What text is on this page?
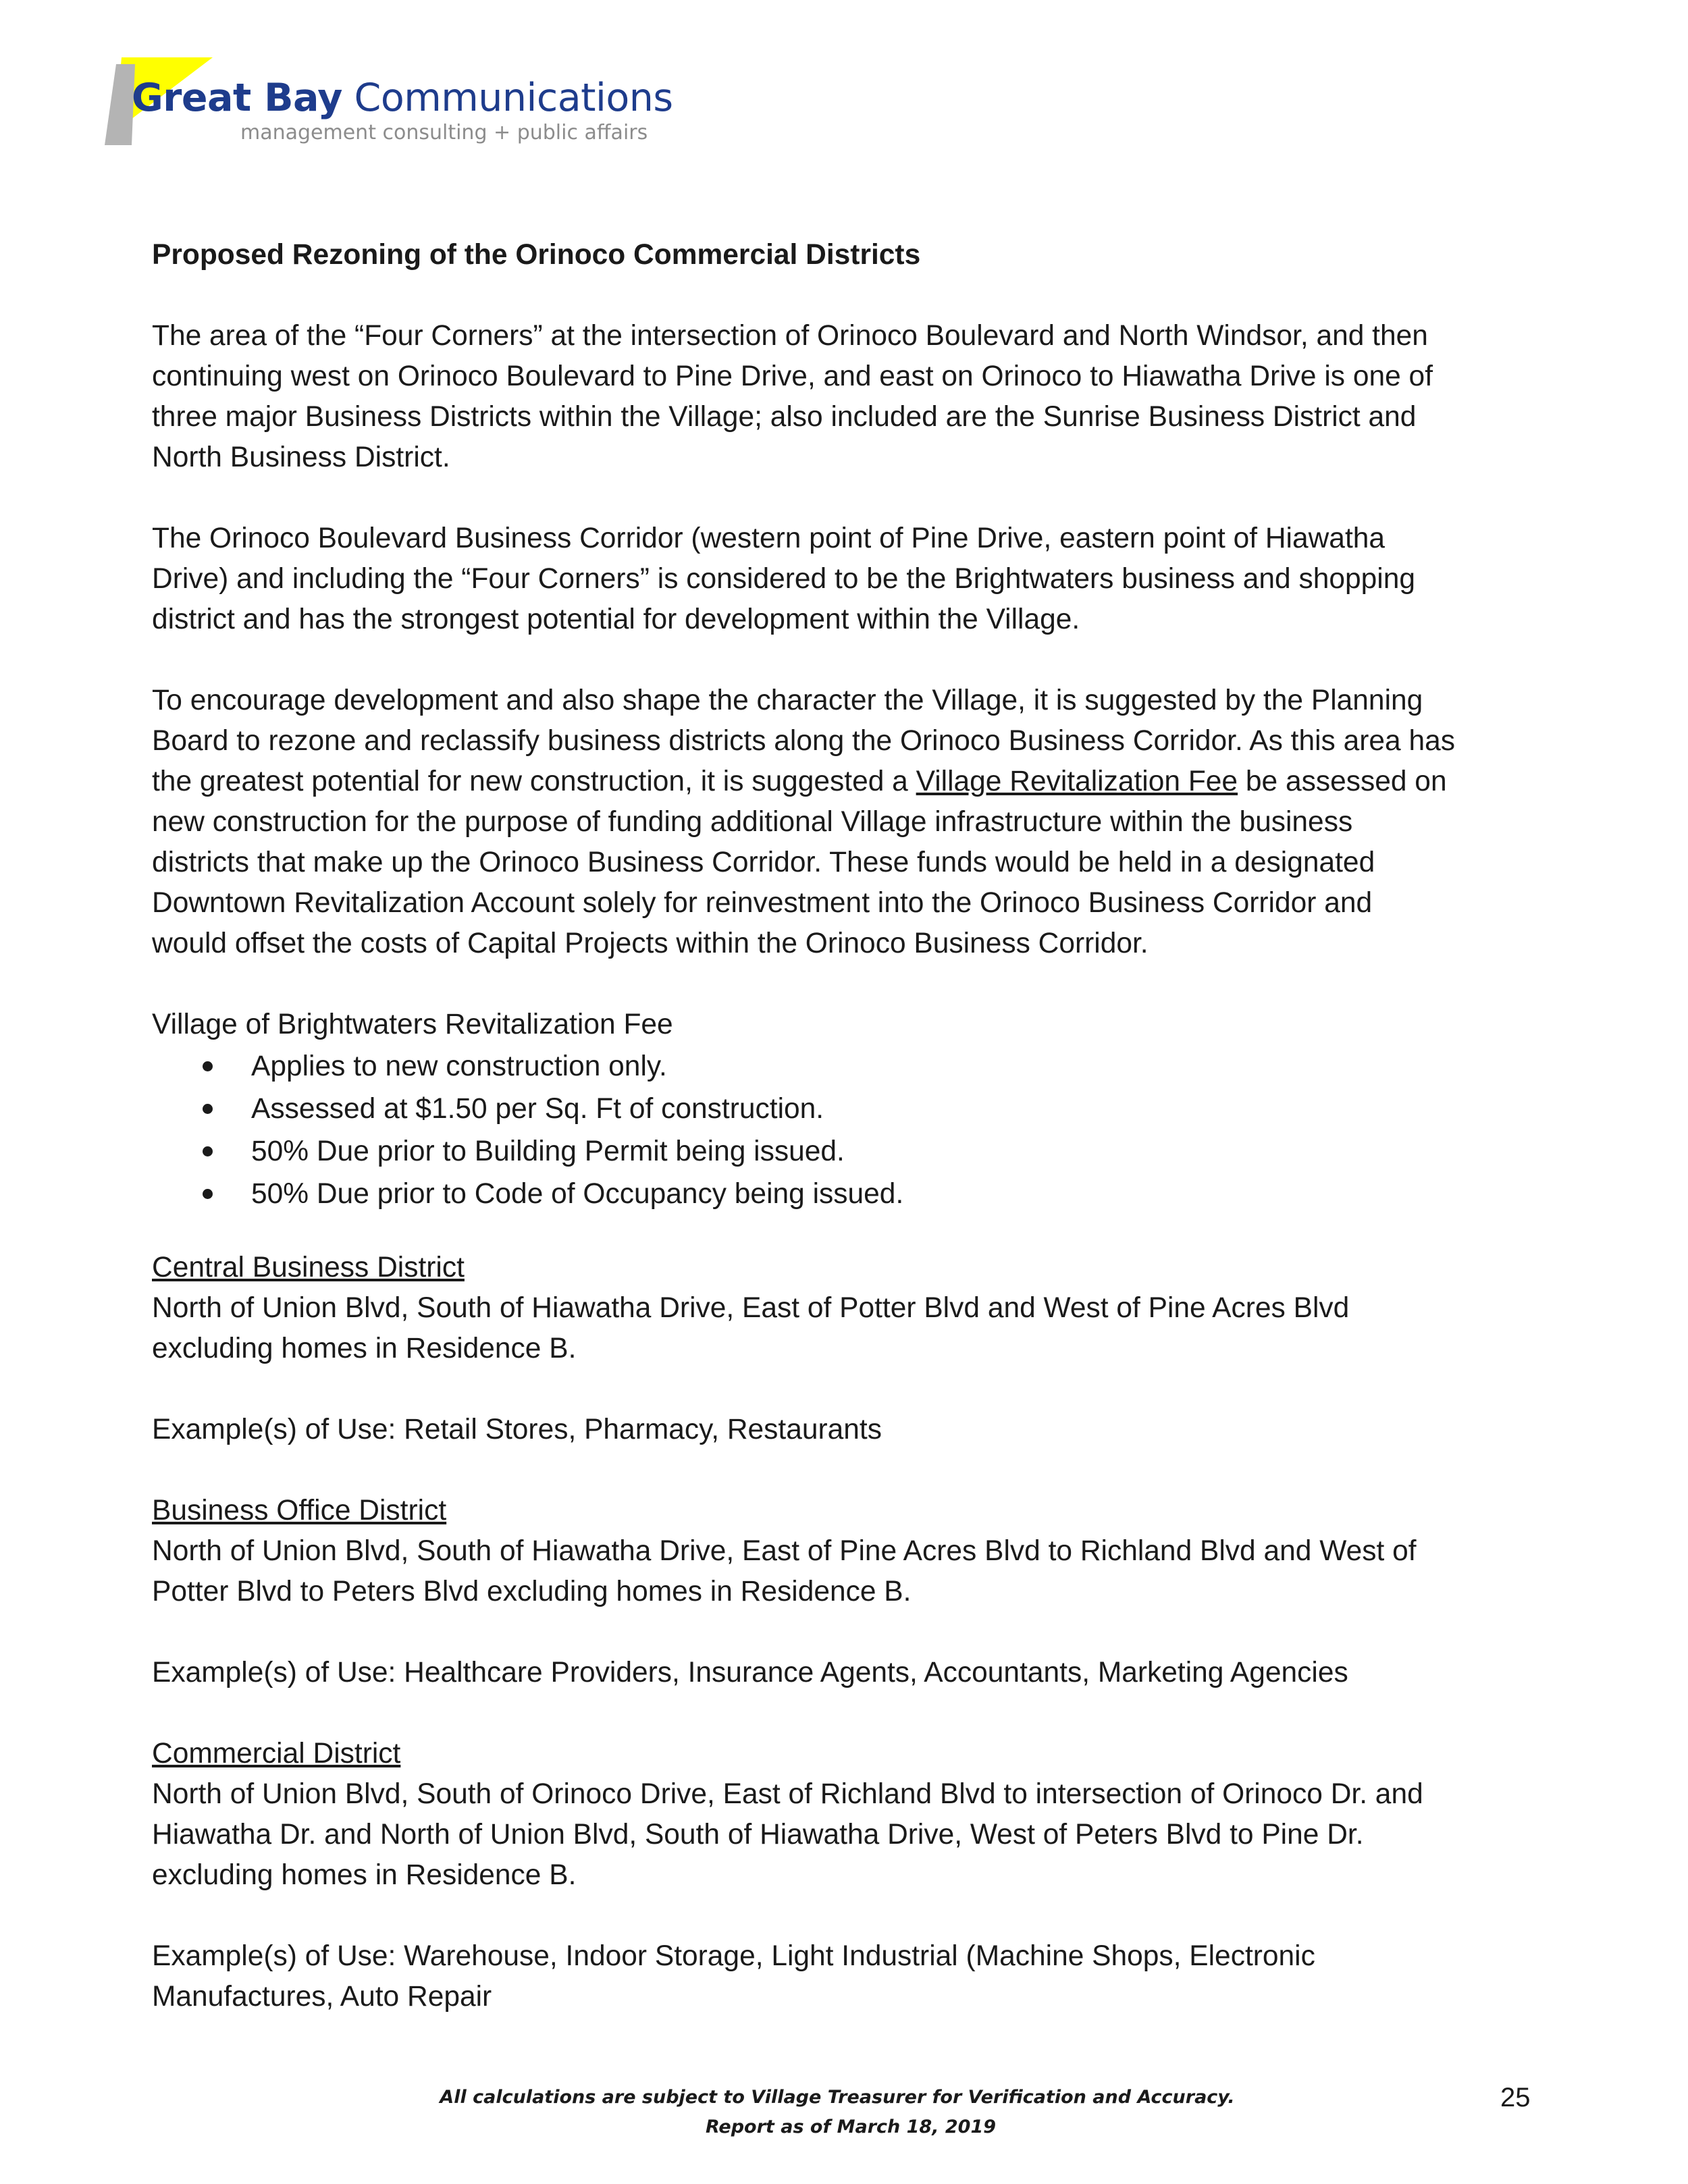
Great Bay Communications
management consulting + public affairs
Proposed Rezoning of the Orinoco Commercial Districts

The area of the “Four Corners” at the intersection of Orinoco Boulevard and North Windsor, and then
continuing west on Orinoco Boulevard to Pine Drive, and east on Orinoco to Hiawatha Drive is one of
three major Business Districts within the Village; also included are the Sunrise Business District and
North Business District.

The Orinoco Boulevard Business Corridor (western point of Pine Drive, eastern point of Hiawatha
Drive) and including the “Four Corners” is considered to be the Brightwaters business and shopping
district and has the strongest potential for development within the Village.

To encourage development and also shape the character the Village, it is suggested by the Planning
Board to rezone and reclassify business districts along the Orinoco Business Corridor. As this area has
the greatest potential for new construction, it is suggested a Village Revitalization Fee be assessed on
new construction for the purpose of funding additional Village infrastructure within the business
districts that make up the Orinoco Business Corridor. These funds would be held in a designated
Downtown Revitalization Account solely for reinvestment into the Orinoco Business Corridor and
would offset the costs of Capital Projects within the Orinoco Business Corridor.

Village of Brightwaters Revitalization Fee
Applies to new construction only.
Assessed at $1.50 per Sq. Ft of construction.
50% Due prior to Building Permit being issued.
50% Due prior to Code of Occupancy being issued.
Central Business District
North of Union Blvd, South of Hiawatha Drive, East of Potter Blvd and West of Pine Acres Blvd
excluding homes in Residence B.
Example(s) of Use: Retail Stores, Pharmacy, Restaurants
Business Office District
North of Union Blvd, South of Hiawatha Drive, East of Pine Acres Blvd to Richland Blvd and West of
Potter Blvd to Peters Blvd excluding homes in Residence B.
Example(s) of Use: Healthcare Providers, Insurance Agents, Accountants, Marketing Agencies
Commercial District
North of Union Blvd, South of Orinoco Drive, East of Richland Blvd to intersection of Orinoco Dr. and
Hiawatha Dr. and North of Union Blvd, South of Hiawatha Drive, West of Peters Blvd to Pine Dr.
excluding homes in Residence B.
Example(s) of Use: Warehouse, Indoor Storage, Light Industrial (Machine Shops, Electronic
Manufactures, Auto Repair
All calculations are subject to Village Treasurer for Verification and Accuracy.
Report as of March 18, 2019
25
